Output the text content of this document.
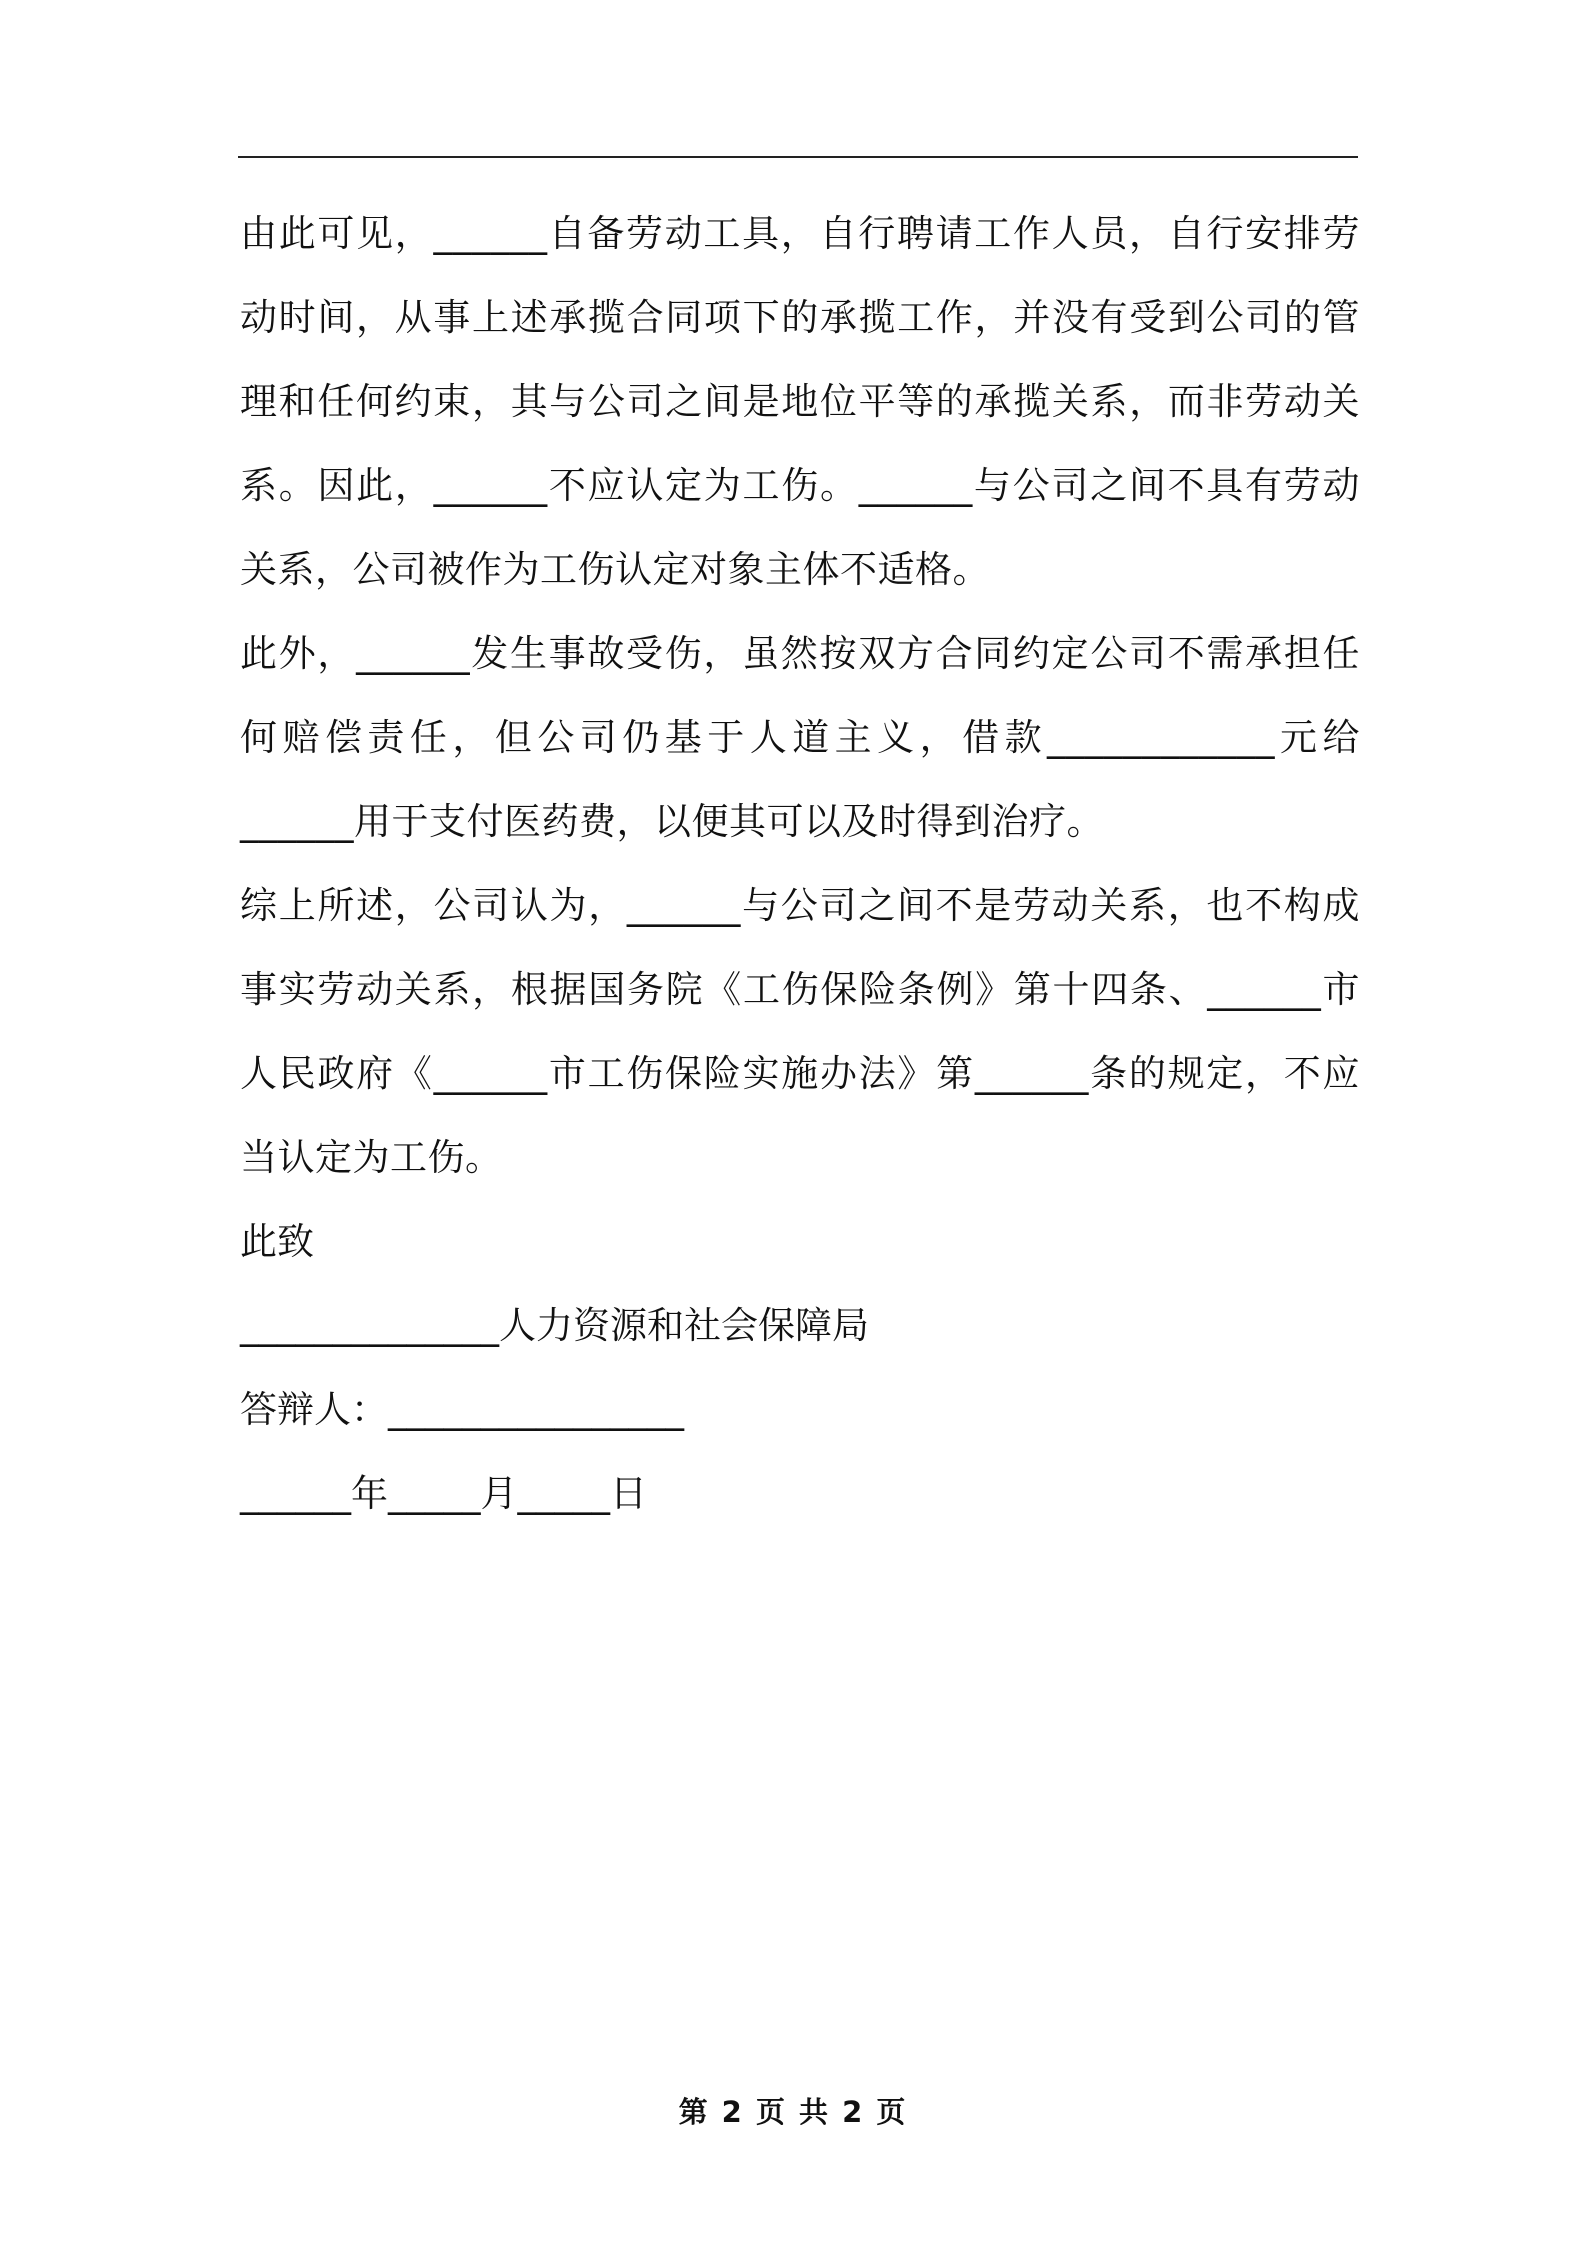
由此可见，______自备劳动工具，自行聘请工作人员，自行安排劳动时间，从事上述承揽合同项下的承揽工作，并没有受到公司的管理和任何约束，其与公司之间是地位平等的承揽关系，而非劳动关系。因此，______不应认定为工伤。______与公司之间不具有劳动关系，公司被作为工伤认定对象主体不适格。

此外，______发生事故受伤，虽然按双方合同约定公司不需承担任何赔偿责任，但公司仍基于人道主义，借款____________元给______用于支付医药费，以便其可以及时得到治疗。

综上所述，公司认为，______与公司之间不是劳动关系，也不构成事实劳动关系，根据国务院《工伤保险条例》第十四条、______市人民政府《______市工伤保险实施办法》第______条的规定，不应当认定为工伤。

此致

______________人力资源和社会保障局

答辩人：________________

______年_____月_____日

第 2 页 共 2 页
